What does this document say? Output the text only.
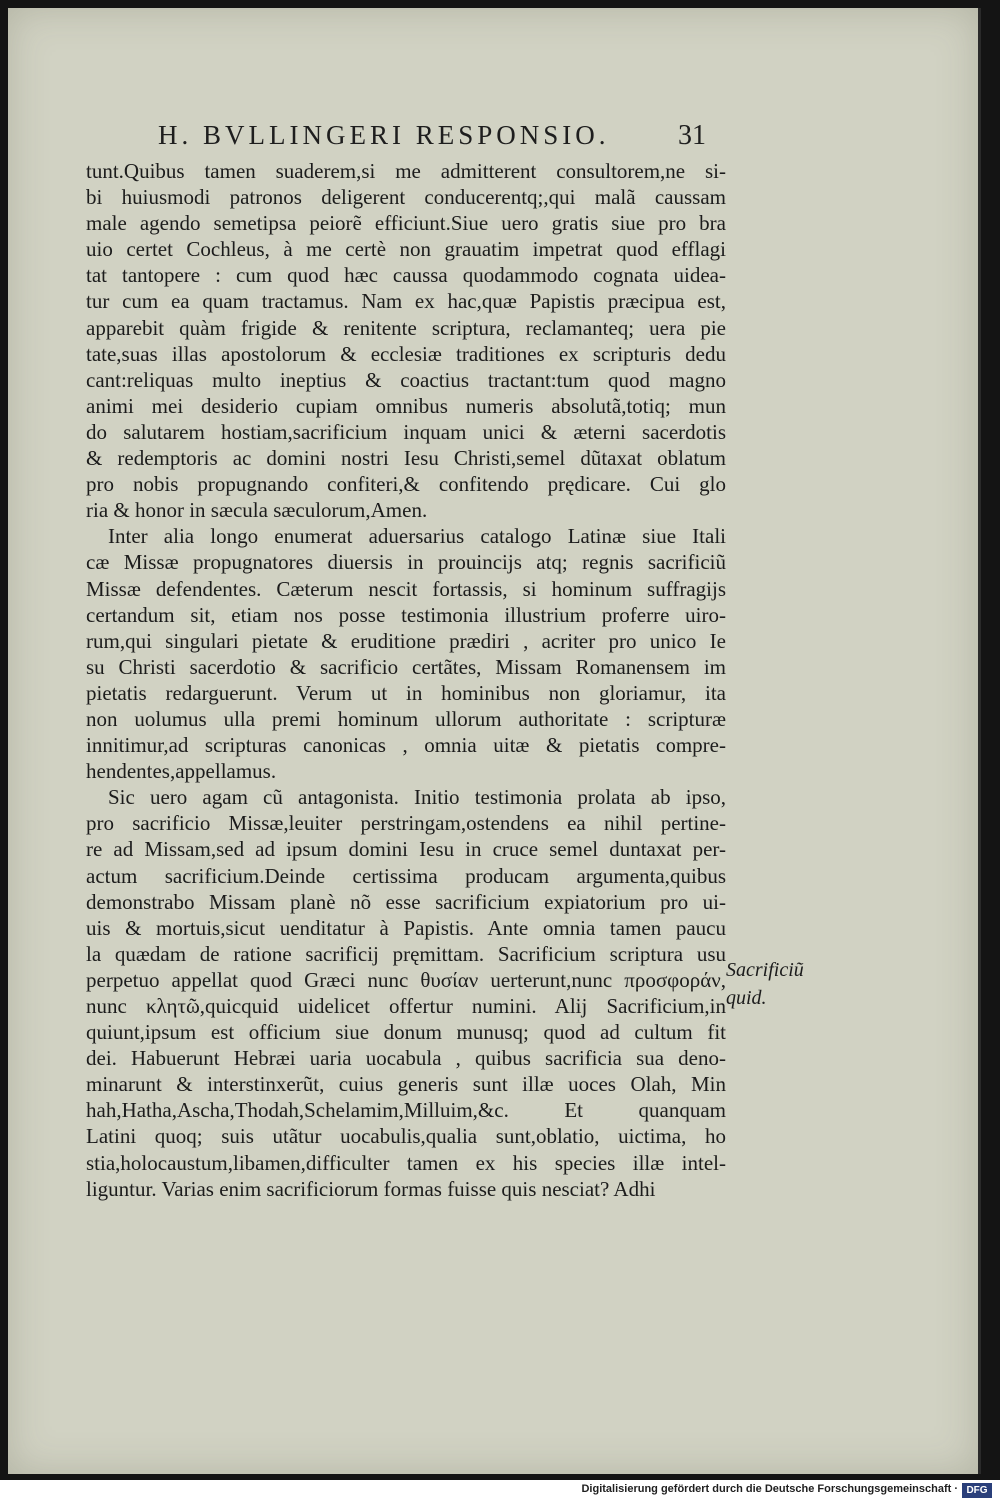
H. BVLLINGERI RESPONSIO. 31
tunt.Quibus tamen suaderem,si me admitterent consultorem,ne si-
bi huiusmodi patronos deligerent conducerentq;,qui malã caussam
male agendo semetipsa peiorẽ efficiunt.Siue uero gratis siue pro bra
uio certet Cochleus, à me certè non grauatim impetrat quod efflagi
tat tantopere : cum quod hæc caussa quodammodo cognata uidea-
tur cum ea quam tractamus. Nam ex hac,quæ Papistis præcipua est,
apparebit quàm frigide & renitente scriptura, reclamanteq; uera pie
tate,suas illas apostolorum & ecclesiæ traditiones ex scripturis dedu
cant:reliquas multo ineptius & coactius tractant:tum quod magno
animi mei desiderio cupiam omnibus numeris absolutã,totiq; mun
do salutarem hostiam,sacrificium inquam unici & æterni sacerdotis
& redemptoris ac domini nostri Iesu Christi,semel dũtaxat oblatum
pro nobis propugnando confiteri,& confitendo prędicare. Cui glo
ria & honor in sæcula sæculorum,Amen.
Inter alia longo enumerat aduersarius catalogo Latinæ siue Itali
cæ Missæ propugnatores diuersis in prouincijs atq; regnis sacrificiũ
Missæ defendentes. Cæterum nescit fortassis, si hominum suffragijs
certandum sit, etiam nos posse testimonia illustrium proferre uiro-
rum,qui singulari pietate & eruditione prædiri , acriter pro unico Ie
su Christi sacerdotio & sacrificio certãtes, Missam Romanensem im
pietatis redarguerunt. Verum ut in hominibus non gloriamur, ita
non uolumus ulla premi hominum ullorum authoritate : scripturæ
innitimur,ad scripturas canonicas , omnia uitæ & pietatis compre-
hendentes,appellamus.
Sic uero agam cũ antagonista. Initio testimonia prolata ab ipso,
pro sacrificio Missæ,leuiter perstringam,ostendens ea nihil pertine-
re ad Missam,sed ad ipsum domini Iesu in cruce semel duntaxat per-
actum sacrificium.Deinde certissima producam argumenta,quibus
demonstrabo Missam planè nõ esse sacrificium expiatorium pro ui-
uis & mortuis,sicut uenditatur à Papistis. Ante omnia tamen paucu
la quædam de ratione sacrificij pręmittam. Sacrificium scriptura usu
perpetuo appellat quod Græci nunc θυσίαν uerterunt,nunc προσφοράν,
nunc κλητῶ,quicquid uidelicet offertur numini. Alij Sacrificium,in
quiunt,ipsum est officium siue donum munusq; quod ad cultum fit
dei. Habuerunt Hebræi uaria uocabula , quibus sacrificia sua deno-
minarunt & interstinxerũt, cuius generis sunt illæ uoces Olah, Min
hah,Hatha,Ascha,Thodah,Schelamim,Milluim,&c. Et quanquam
Latini quoq; suis utãtur uocabulis,qualia sunt,oblatio, uictima, ho
stia,holocaustum,libamen,difficulter tamen ex his species illæ intel-
liguntur. Varias enim sacrificiorum formas fuisse quis nesciat? Adhi
Sacrificiũ
quid.
Digitalisierung gefördert durch die Deutsche Forschungsgemeinschaft · DFG
